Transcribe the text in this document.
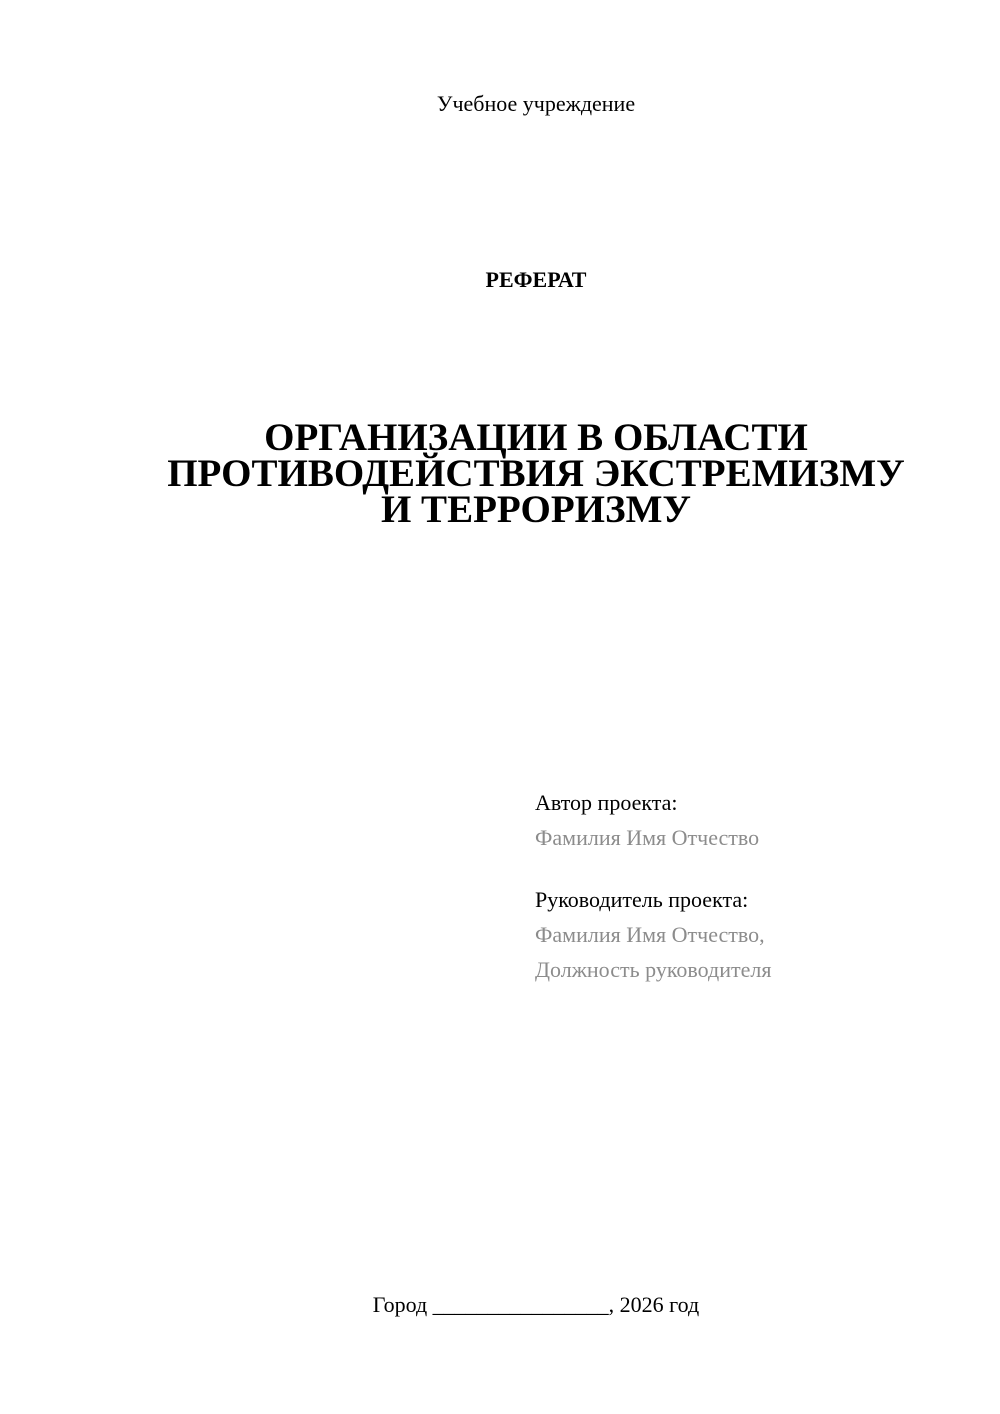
Учебное учреждение
РЕФЕРАТ
ОРГАНИЗАЦИИ В ОБЛАСТИ
ПРОТИВОДЕЙСТВИЯ ЭКСТРЕМИЗМУ
И ТЕРРОРИЗМУ
Автор проекта:
Фамилия Имя Отчество
Руководитель проекта:
Фамилия Имя Отчество,
Должность руководителя
Город ________________, 2026 год
